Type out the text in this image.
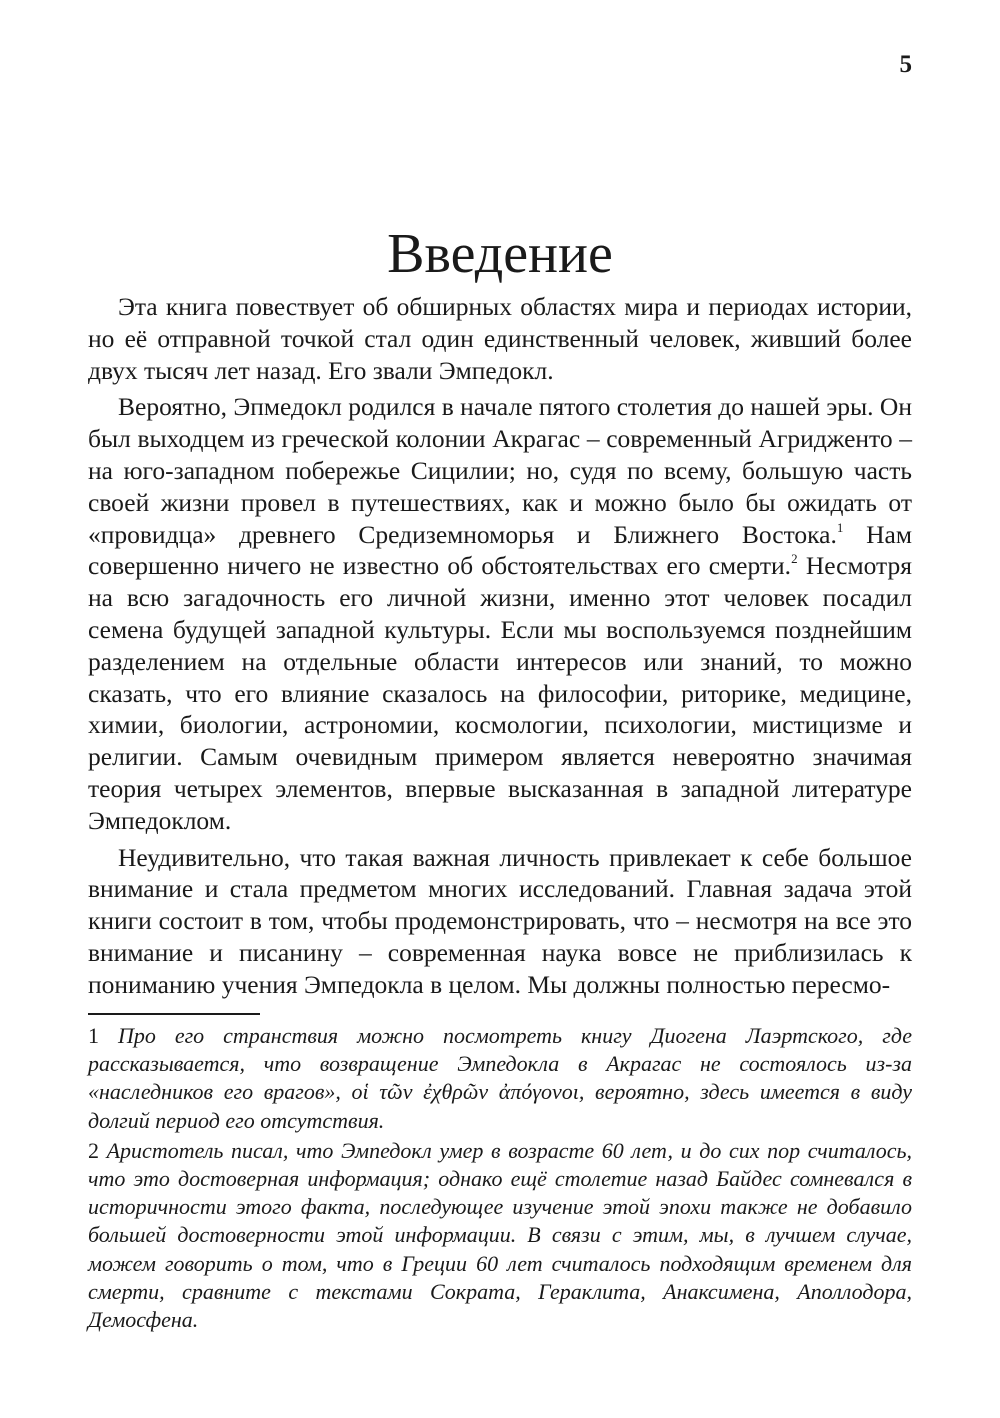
5
Введение

Эта книга повествует об обширных областях мира и периодах истории, но её отправной точкой стал один единственный человек, живший более двух тысяч лет назад. Его звали Эмпедокл.

Вероятно, Эпмедокл родился в начале пятого столетия до нашей эры. Он был выходцем из греческой колонии Акрагас – современный Агридженто – на юго-западном побережье Сицилии; но, судя по всему, большую часть своей жизни провел в путешествиях, как и можно было бы ожидать от «провидца» древнего Средиземноморья и Ближнего Востока.$^1$ Нам совершенно ничего не известно об обстоятельствах его смерти.$^2$ Несмотря на всю загадочность его личной жизни, именно этот человек посадил семена будущей западной культуры. Если мы воспользуемся позднейшим разделением на отдельные области интересов или знаний, то можно сказать, что его влияние сказалось на философии, риторике, медицине, химии, биологии, астрономии, космологии, психологии, мистицизме и религии. Самым очевидным примером является невероятно значимая теория четырех элементов, впервые высказанная в западной литературе Эмпедоклом.

Неудивительно, что такая важная личность привлекает к себе большое внимание и стала предметом многих исследований. Главная задача этой книги состоит в том, чтобы продемонстрировать, что – несмотря на все это внимание и писанину – современная наука вовсе не приблизилась к пониманию учения Эмпедокла в целом. Мы должны полностью пересмо-

1 Про его странствия можно посмотреть книгу Диогена Лаэртского, где рассказывается, что возвращение Эмпедокла в Акрагас не состоялось из-за «наследников его врагов», οἱ τῶν ἐχθρῶν ἀπόγονοι, вероятно, здесь имеется в виду долгий период его отсутствия.

2 Аристотель писал, что Эмпедокл умер в возрасте 60 лет, и до сих пор считалось, что это достоверная информация; однако ещё столетие назад Байдес сомневался в историчности этого факта, последующее изучение этой эпохи также не добавило большей достоверности этой информации. В связи с этим, мы, в лучшем случае, можем говорить о том, что в Греции 60 лет считалось подходящим временем для смерти, сравните с текстами Сократа, Гераклита, Анаксимена, Аполлодора, Демосфена.
